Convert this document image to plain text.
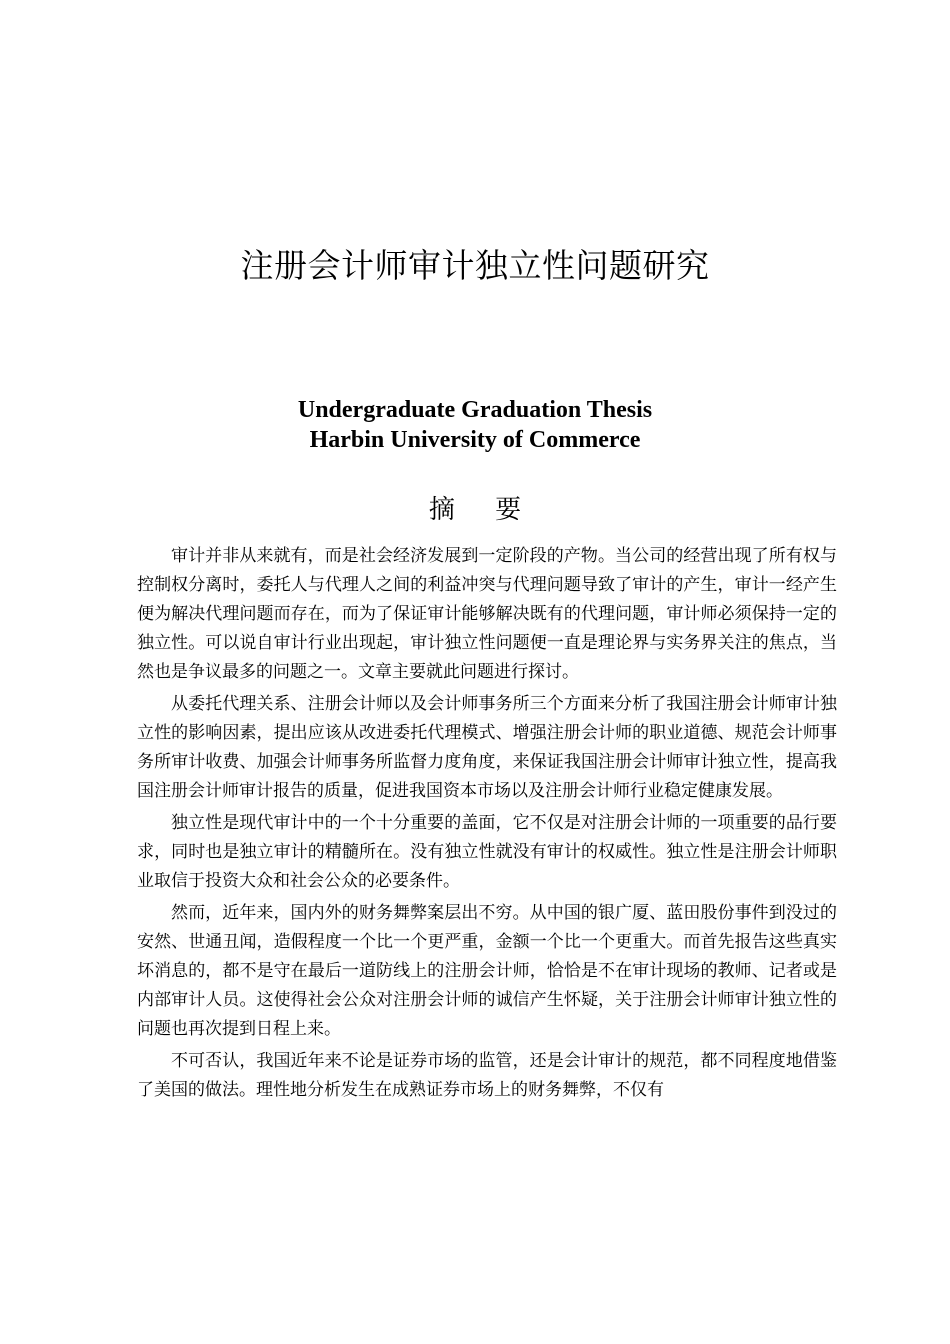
注册会计师审计独立性问题研究
Undergraduate Graduation Thesis
Harbin University of Commerce
摘 要

审计并非从来就有，而是社会经济发展到一定阶段的产物。当公司的经营出现了所有权与控制权分离时，委托人与代理人之间的利益冲突与代理问题导致了审计的产生，审计一经产生便为解决代理问题而存在，而为了保证审计能够解决既有的代理问题，审计师必须保持一定的独立性。可以说自审计行业出现起，审计独立性问题便一直是理论界与实务界关注的焦点，当然也是争议最多的问题之一。文章主要就此问题进行探讨。

从委托代理关系、注册会计师以及会计师事务所三个方面来分析了我国注册会计师审计独立性的影响因素，提出应该从改进委托代理模式、增强注册会计师的职业道德、规范会计师事务所审计收费、加强会计师事务所监督力度角度，来保证我国注册会计师审计独立性，提高我国注册会计师审计报告的质量，促进我国资本市场以及注册会计师行业稳定健康发展。

独立性是现代审计中的一个十分重要的盖面，它不仅是对注册会计师的一项重要的品行要求，同时也是独立审计的精髓所在。没有独立性就没有审计的权威性。独立性是注册会计师职业取信于投资大众和社会公众的必要条件。

然而，近年来，国内外的财务舞弊案层出不穷。从中国的银广厦、蓝田股份事件到没过的安然、世通丑闻，造假程度一个比一个更严重，金额一个比一个更重大。而首先报告这些真实坏消息的，都不是守在最后一道防线上的注册会计师，恰恰是不在审计现场的教师、记者或是内部审计人员。这使得社会公众对注册会计师的诚信产生怀疑，关于注册会计师审计独立性的问题也再次提到日程上来。

不可否认，我国近年来不论是证券市场的监管，还是会计审计的规范，都不同程度地借鉴了美国的做法。理性地分析发生在成熟证券市场上的财务舞弊，不仅有
